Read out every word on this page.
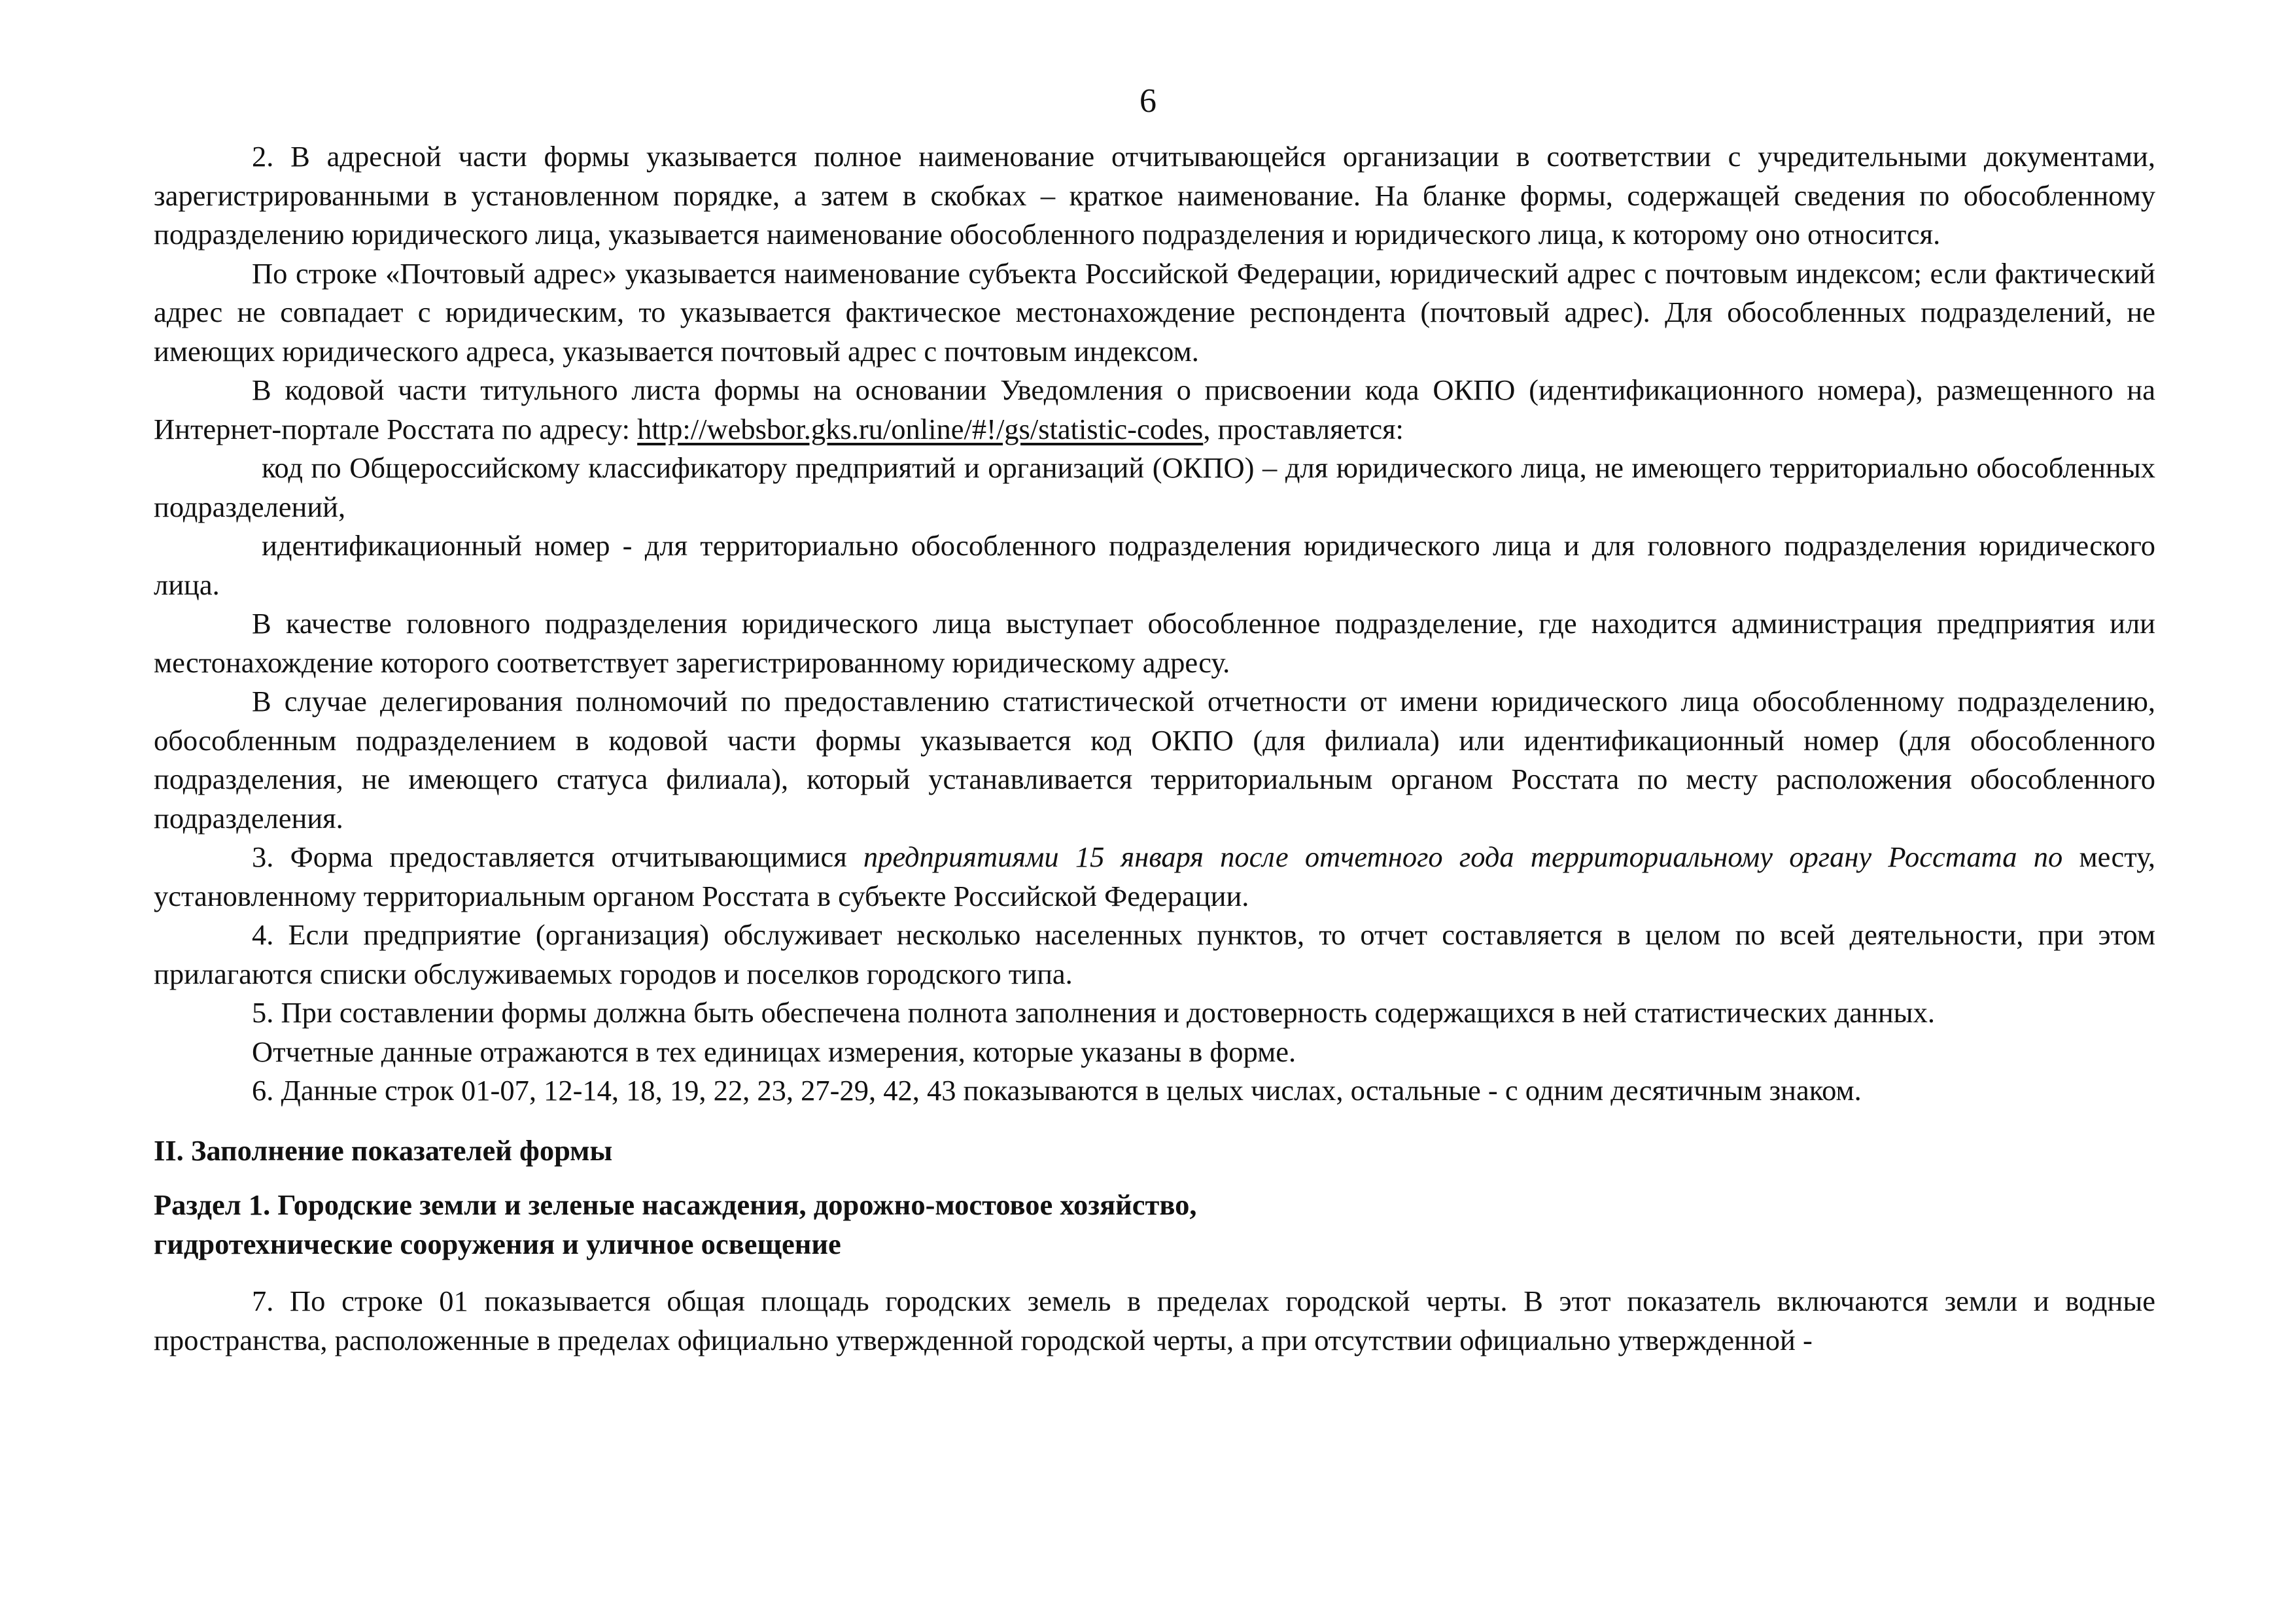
6

2. В адресной части формы указывается полное наименование отчитывающейся организации в соответствии с учредительными документами, зарегистрированными в установленном порядке, а затем в скобках – краткое наименование. На бланке формы, содержащей сведения по обособленному подразделению юридического лица, указывается наименование обособленного подразделения и юридического лица, к которому оно относится.

По строке «Почтовый адрес» указывается наименование субъекта Российской Федерации, юридический адрес с почтовым индексом; если фактический адрес не совпадает с юридическим, то указывается фактическое местонахождение респондента (почтовый адрес). Для обособленных подразделений, не имеющих юридического адреса, указывается почтовый адрес с почтовым индексом.

В кодовой части титульного листа формы на основании Уведомления о присвоении кода ОКПО (идентификационного номера), размещенного на Интернет-портале Росстата по адресу: http://websbor.gks.ru/online/#!/gs/statistic-codes, проставляется:

код по Общероссийскому классификатору предприятий и организаций (ОКПО) – для юридического лица, не имеющего территориально обособленных подразделений,

идентификационный номер - для территориально обособленного подразделения юридического лица и для головного подразделения юридического лица.

В качестве головного подразделения юридического лица выступает обособленное подразделение, где находится администрация предприятия или местонахождение которого соответствует зарегистрированному юридическому адресу.

В случае делегирования полномочий по предоставлению статистической отчетности от имени юридического лица обособленному подразделению, обособленным подразделением в кодовой части формы указывается код ОКПО (для филиала) или идентификационный номер (для обособленного подразделения, не имеющего статуса филиала), который устанавливается территориальным органом Росстата по месту расположения обособленного подразделения.

3. Форма предоставляется отчитывающимися предприятиями 15 января после отчетного года территориальному органу Росстата по месту, установленному территориальным органом Росстата в субъекте Российской Федерации.

4. Если предприятие (организация) обслуживает несколько населенных пунктов, то отчет составляется в целом по всей деятельности, при этом прилагаются списки обслуживаемых городов и поселков городского типа.

5. При составлении формы должна быть обеспечена полнота заполнения и достоверность содержащихся в ней статистических данных.

Отчетные данные отражаются в тех единицах измерения, которые указаны в форме.

6. Данные строк 01-07, 12-14, 18, 19, 22, 23, 27-29, 42, 43 показываются в целых числах, остальные - с одним десятичным знаком.

II. Заполнение показателей формы

Раздел 1. Городские земли и зеленые насаждения, дорожно-мостовое хозяйство,

гидротехнические сооружения и уличное освещение

7. По строке 01 показывается общая площадь городских земель в пределах городской черты. В этот показатель включаются земли и водные пространства, расположенные в пределах официально утвержденной городской черты, а при отсутствии официально утвержденной -
